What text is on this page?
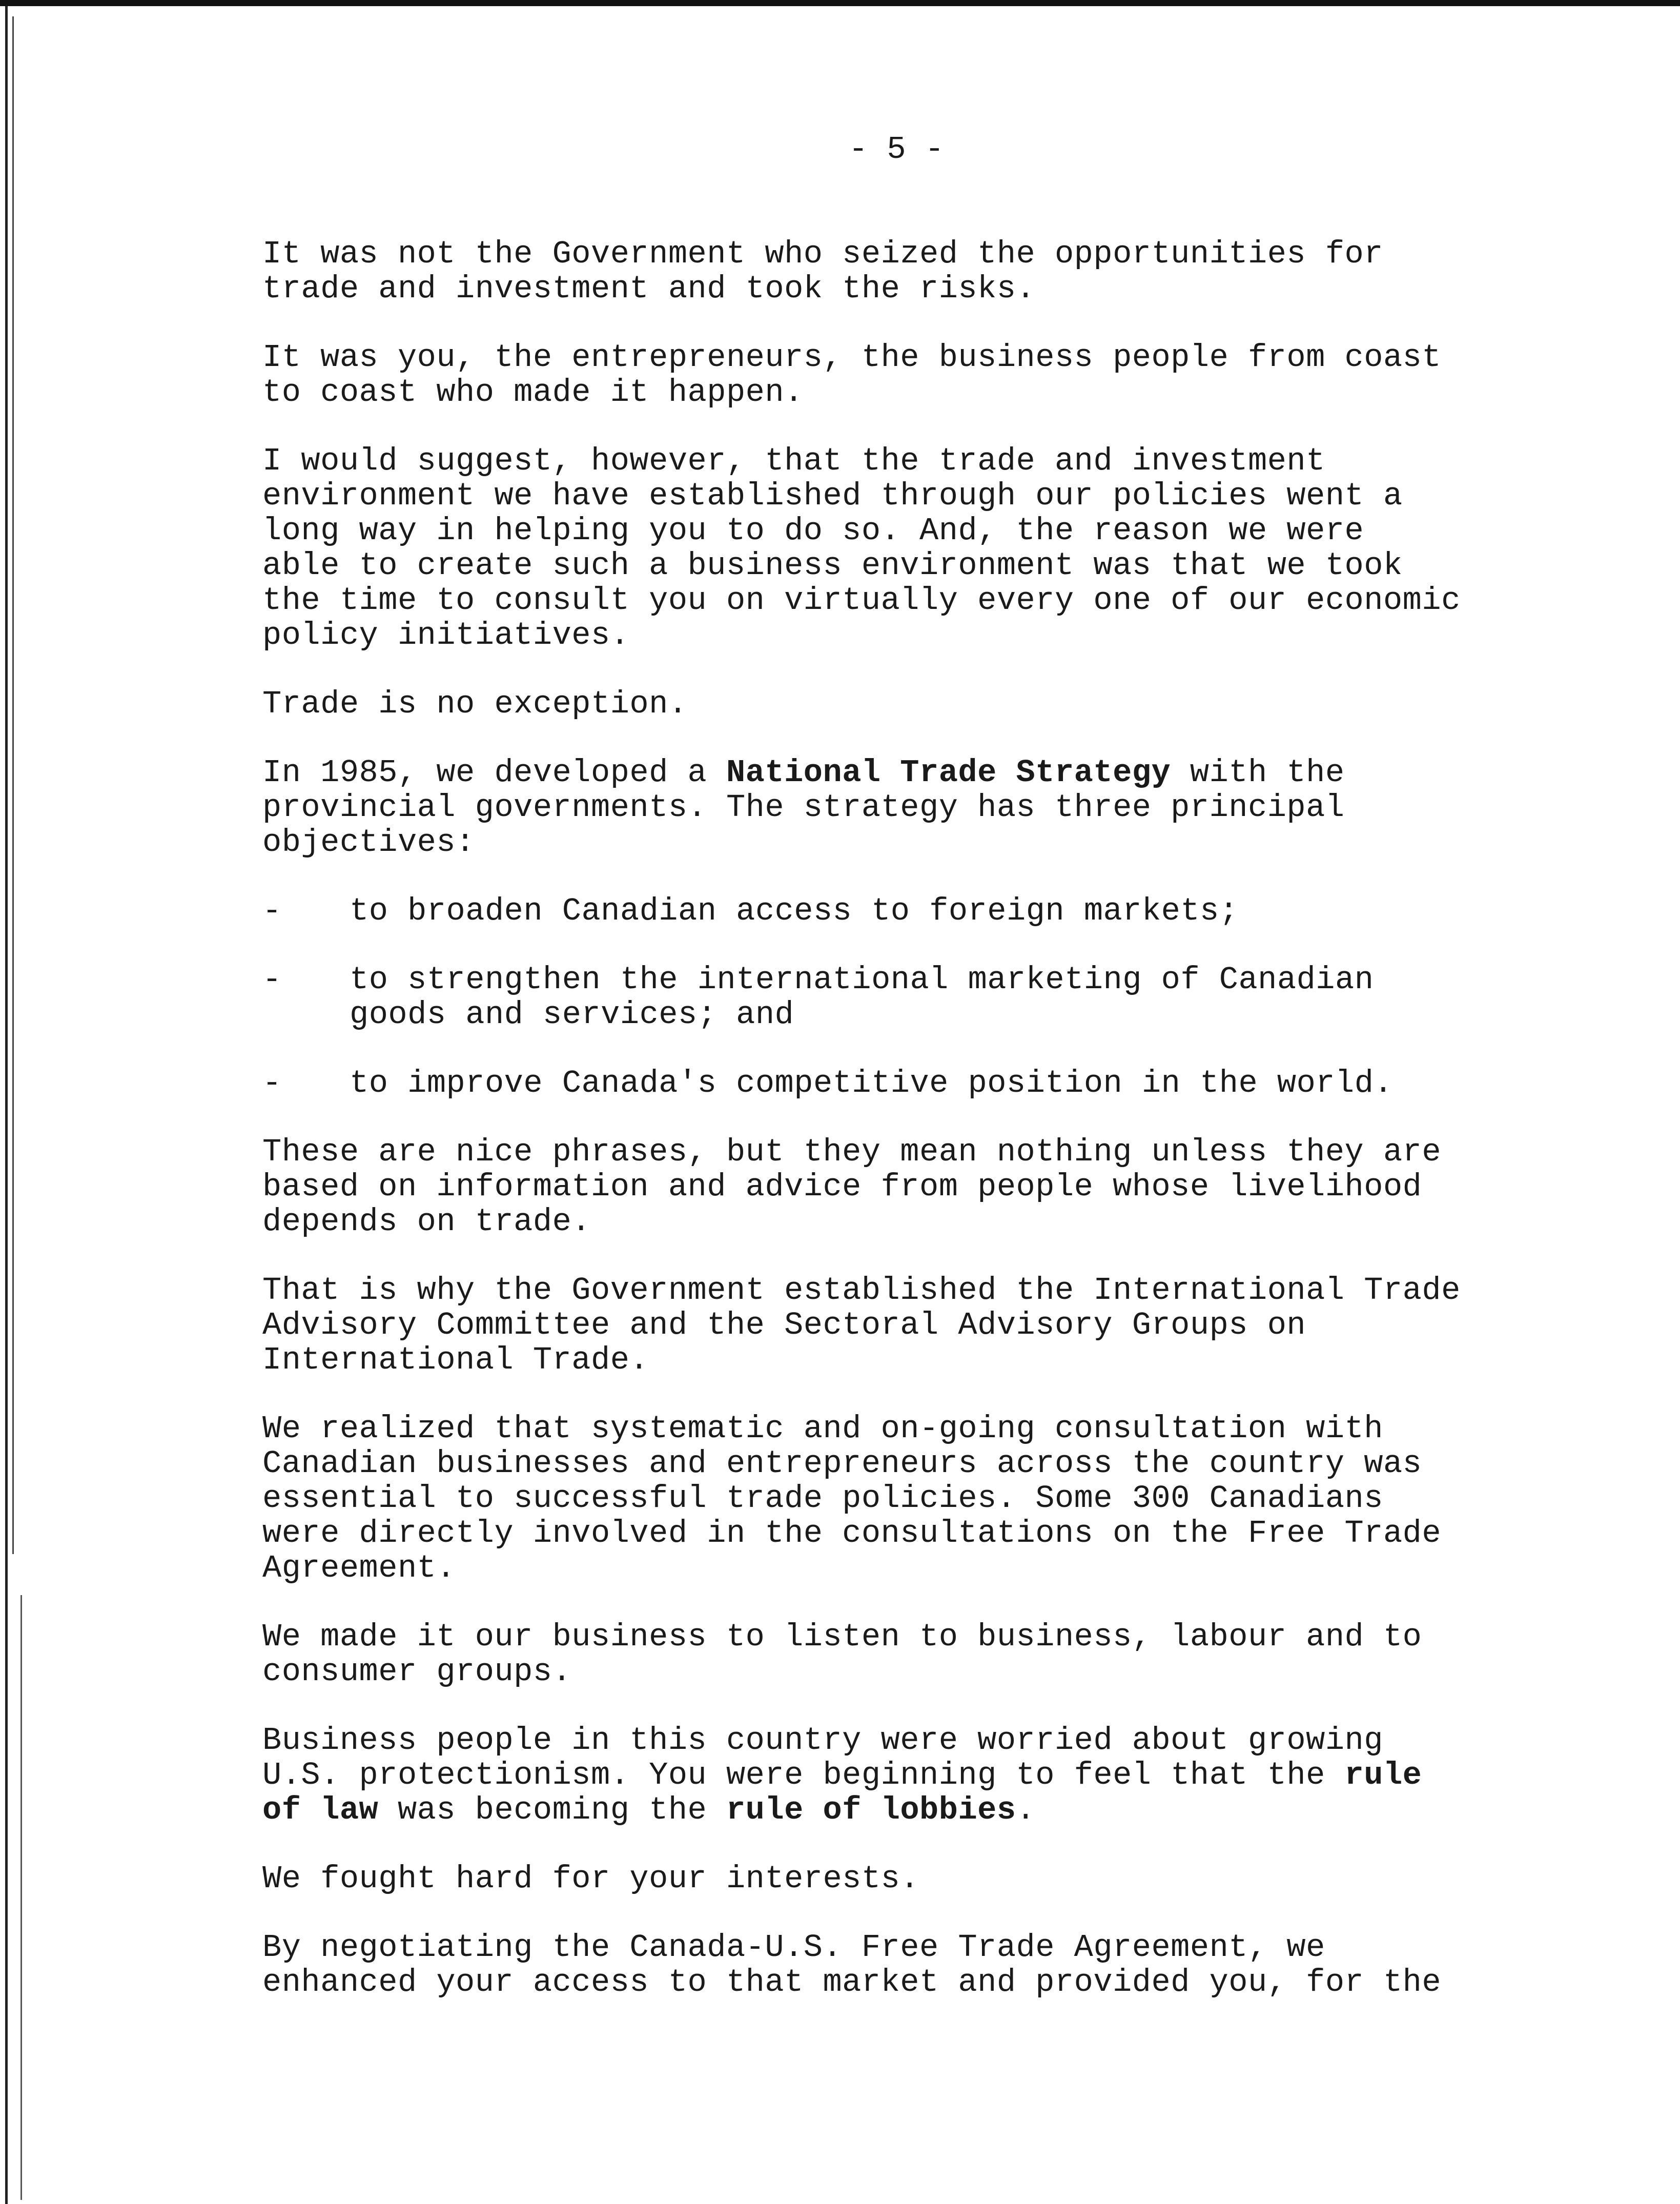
- 5 -

It was not the Government who seized the opportunities for
trade and investment and took the risks.

It was you, the entrepreneurs, the business people from coast
to coast who made it happen.

I would suggest, however, that the trade and investment
environment we have established through our policies went a
long way in helping you to do so. And, the reason we were
able to create such a business environment was that we took
the time to consult you on virtually every one of our economic
policy initiatives.

Trade is no exception.

In 1985, we developed a National Trade Strategy with the
provincial governments. The strategy has three principal
objectives:

-	to broaden Canadian access to foreign markets;
-	to strengthen the international marketing of Canadian
goods and services; and
-	to improve Canada's competitive position in the world.

These are nice phrases, but they mean nothing unless they are
based on information and advice from people whose livelihood
depends on trade.

That is why the Government established the International Trade
Advisory Committee and the Sectoral Advisory Groups on
International Trade.

We realized that systematic and on-going consultation with
Canadian businesses and entrepreneurs across the country was
essential to successful trade policies. Some 300 Canadians
were directly involved in the consultations on the Free Trade
Agreement.

We made it our business to listen to business, labour and to
consumer groups.

Business people in this country were worried about growing
U.S. protectionism. You were beginning to feel that the rule
of law was becoming the rule of lobbies.

We fought hard for your interests.

By negotiating the Canada-U.S. Free Trade Agreement, we
enhanced your access to that market and provided you, for the
